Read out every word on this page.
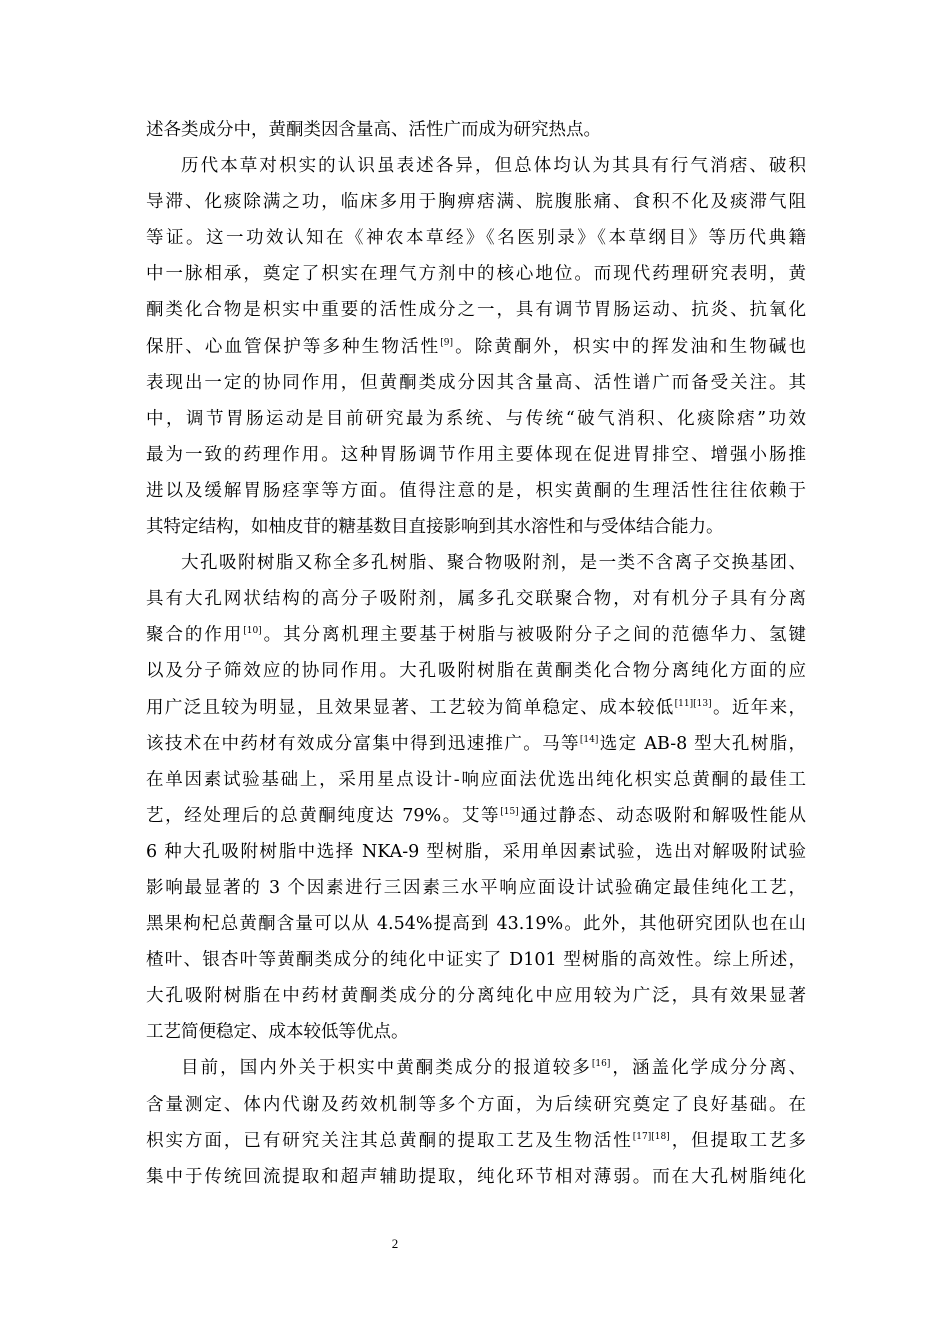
述各类成分中，黄酮类因含量高、活性广而成为研究热点。
历代本草对枳实的认识虽表述各异，但总体均认为其具有行气消痞、破积
导滞、化痰除满之功，临床多用于胸痹痞满、脘腹胀痛、食积不化及痰滞气阻
等证。这一功效认知在《神农本草经》《名医别录》《本草纲目》等历代典籍
中一脉相承，奠定了枳实在理气方剂中的核心地位。而现代药理研究表明，黄
酮类化合物是枳实中重要的活性成分之一，具有调节胃肠运动、抗炎、抗氧化
保肝、心血管保护等多种生物活性[9]。除黄酮外，枳实中的挥发油和生物碱也
表现出一定的协同作用，但黄酮类成分因其含量高、活性谱广而备受关注。其
中，调节胃肠运动是目前研究最为系统、与传统“破气消积、化痰除痞”功效
最为一致的药理作用。这种胃肠调节作用主要体现在促进胃排空、增强小肠推
进以及缓解胃肠痉挛等方面。值得注意的是，枳实黄酮的生理活性往往依赖于
其特定结构，如柚皮苷的糖基数目直接影响到其水溶性和与受体结合能力。
大孔吸附树脂又称全多孔树脂、聚合物吸附剂，是一类不含离子交换基团、
具有大孔网状结构的高分子吸附剂，属多孔交联聚合物，对有机分子具有分离
聚合的作用[10]。其分离机理主要基于树脂与被吸附分子之间的范德华力、氢键
以及分子筛效应的协同作用。大孔吸附树脂在黄酮类化合物分离纯化方面的应
用广泛且较为明显，且效果显著、工艺较为简单稳定、成本较低[11][13]。近年来，
该技术在中药材有效成分富集中得到迅速推广。马等[14]选定 AB-8 型大孔树脂，
在单因素试验基础上，采用星点设计-响应面法优选出纯化枳实总黄酮的最佳工
艺，经处理后的总黄酮纯度达 79%。艾等[15]通过静态、动态吸附和解吸性能从
6 种大孔吸附树脂中选择 NKA-9 型树脂，采用单因素试验，选出对解吸附试验
影响最显著的 3 个因素进行三因素三水平响应面设计试验确定最佳纯化工艺，
黑果枸杞总黄酮含量可以从 4.54%提高到 43.19%。此外，其他研究团队也在山
楂叶、银杏叶等黄酮类成分的纯化中证实了 D101 型树脂的高效性。综上所述，
大孔吸附树脂在中药材黄酮类成分的分离纯化中应用较为广泛，具有效果显著
工艺简便稳定、成本较低等优点。
目前，国内外关于枳实中黄酮类成分的报道较多[16]，涵盖化学成分分离、
含量测定、体内代谢及药效机制等多个方面，为后续研究奠定了良好基础。在
枳实方面，已有研究关注其总黄酮的提取工艺及生物活性[17][18]，但提取工艺多
集中于传统回流提取和超声辅助提取，纯化环节相对薄弱。而在大孔树脂纯化
2
